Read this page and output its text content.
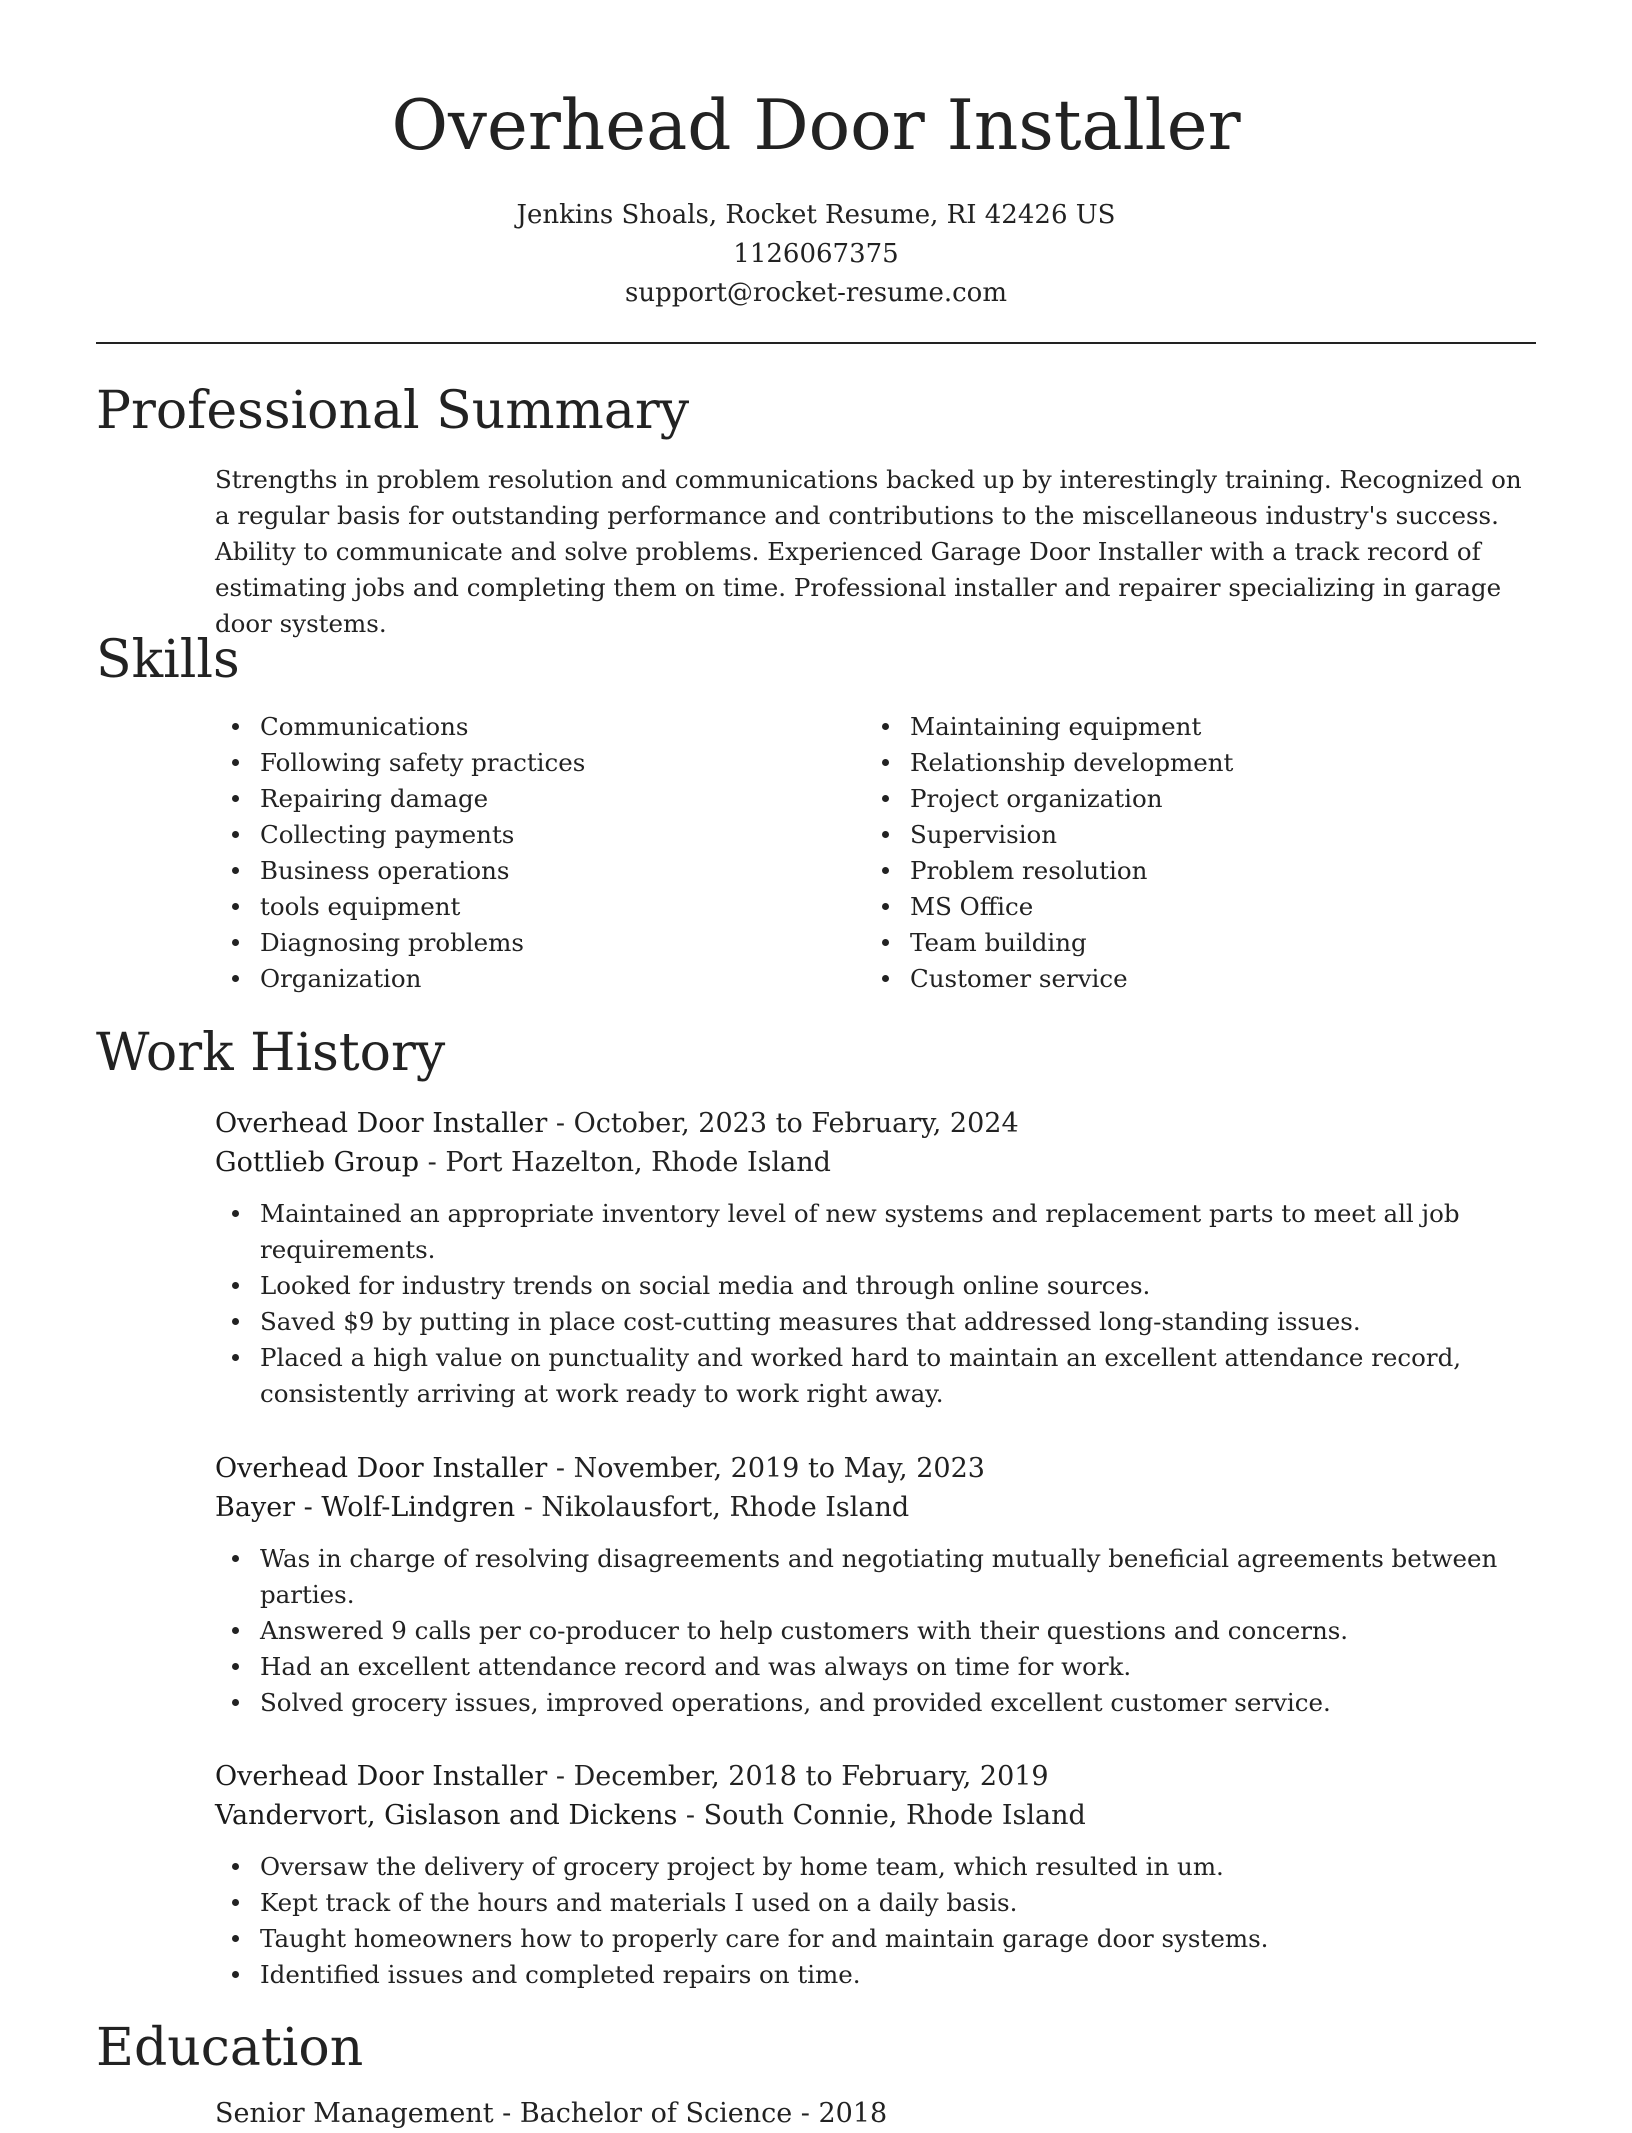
Overhead Door Installer
Jenkins Shoals, Rocket Resume, RI 42426 US
1126067375
support@rocket-resume.com
Professional Summary
Strengths in problem resolution and communications backed up by interestingly training. Recognized on a regular basis for outstanding performance and contributions to the miscellaneous industry's success. Ability to communicate and solve problems. Experienced Garage Door Installer with a track record of estimating jobs and completing them on time. Professional installer and repairer specializing in garage door systems.
Skills
Communications
Following safety practices
Repairing damage
Collecting payments
Business operations
tools equipment
Diagnosing problems
Organization
Maintaining equipment
Relationship development
Project organization
Supervision
Problem resolution
MS Office
Team building
Customer service
Work History
Overhead Door Installer - October, 2023 to February, 2024
Gottlieb Group - Port Hazelton, Rhode Island
Maintained an appropriate inventory level of new systems and replacement parts to meet all job requirements.
Looked for industry trends on social media and through online sources.
Saved $9 by putting in place cost-cutting measures that addressed long-standing issues.
Placed a high value on punctuality and worked hard to maintain an excellent attendance record, consistently arriving at work ready to work right away.
Overhead Door Installer - November, 2019 to May, 2023
Bayer - Wolf-Lindgren - Nikolausfort, Rhode Island
Was in charge of resolving disagreements and negotiating mutually beneficial agreements between parties.
Answered 9 calls per co-producer to help customers with their questions and concerns.
Had an excellent attendance record and was always on time for work.
Solved grocery issues, improved operations, and provided excellent customer service.
Overhead Door Installer - December, 2018 to February, 2019
Vandervort, Gislason and Dickens - South Connie, Rhode Island
Oversaw the delivery of grocery project by home team, which resulted in um.
Kept track of the hours and materials I used on a daily basis.
Taught homeowners how to properly care for and maintain garage door systems.
Identified issues and completed repairs on time.
Education
Senior Management - Bachelor of Science - 2018
